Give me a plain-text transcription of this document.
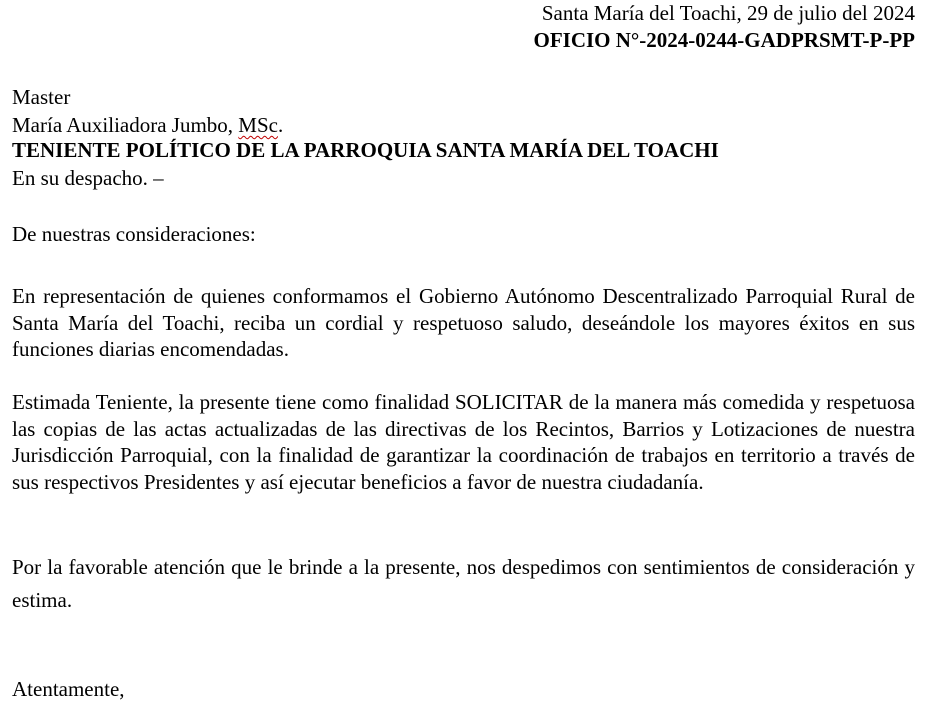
Santa María del Toachi, 29 de julio del 2024
OFICIO N°-2024-0244-GADPRSMT-P-PP
Master
María Auxiliadora Jumbo, MSc.
TENIENTE POLÍTICO DE LA PARROQUIA SANTA MARÍA DEL TOACHI
En su despacho. –
De nuestras consideraciones:
En representación de quienes conformamos el Gobierno Autónomo Descentralizado Parroquial Rural de Santa María del Toachi, reciba un cordial y respetuoso saludo, deseándole los mayores éxitos en sus funciones diarias encomendadas.
Estimada Teniente, la presente tiene como finalidad SOLICITAR de la manera más comedida y respetuosa las copias de las actas actualizadas de las directivas de los Recintos, Barrios y Lotizaciones de nuestra Jurisdicción Parroquial, con la finalidad de garantizar la coordinación de trabajos en territorio a través de sus respectivos Presidentes y así ejecutar beneficios a favor de nuestra ciudadanía.
Por la favorable atención que le brinde a la presente, nos despedimos con sentimientos de consideración y estima.
Atentamente,
